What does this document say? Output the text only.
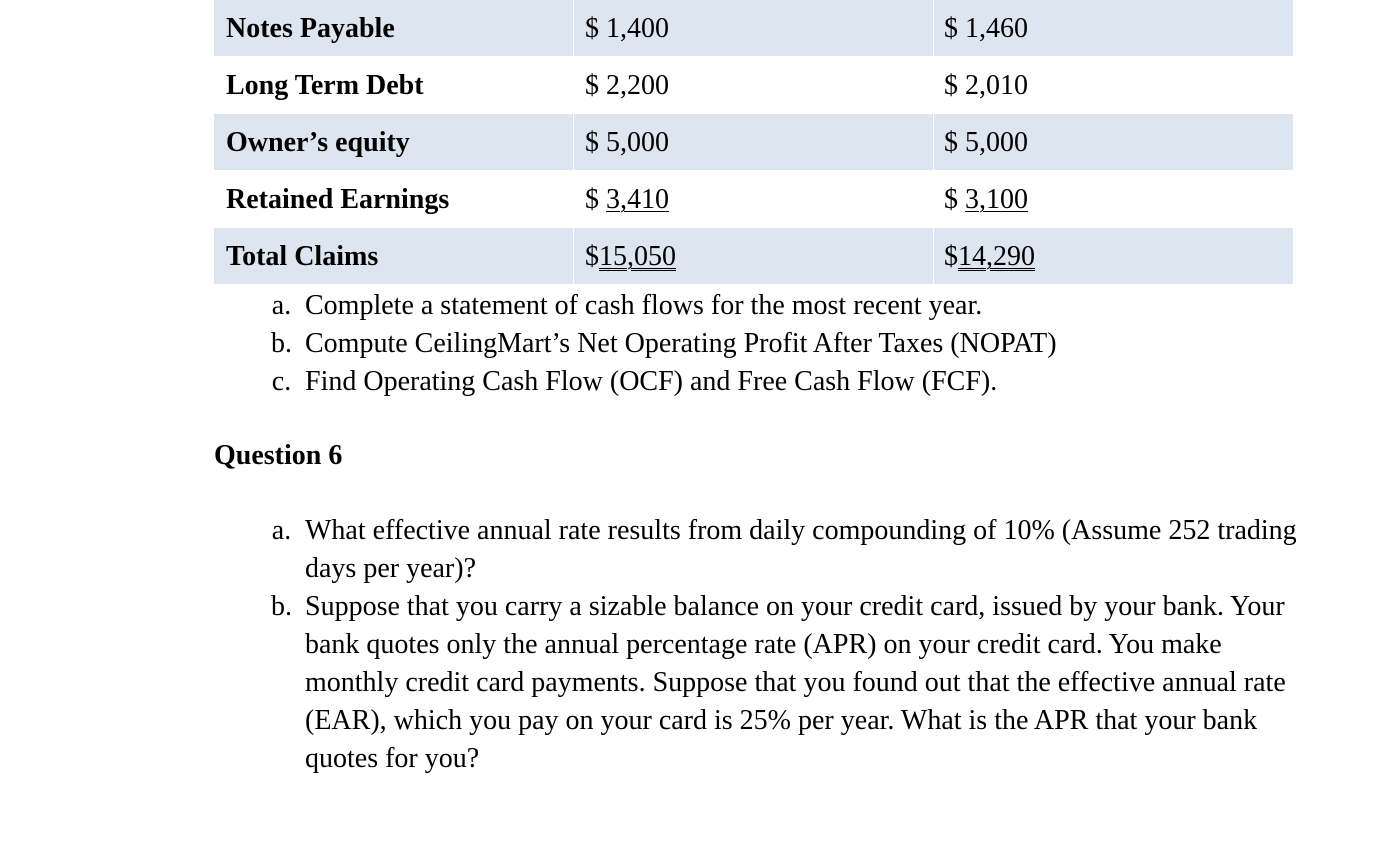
Notes Payable	$ 1,400	$ 1,460
Long Term Debt	$ 2,200	$ 2,010
Owner’s equity	$ 5,000	$ 5,000
Retained Earnings	$ 3,410	$ 3,100
Total Claims	$15,050	$14,290
a. Complete a statement of cash flows for the most recent year.
b. Compute CeilingMart’s Net Operating Profit After Taxes (NOPAT)
c. Find Operating Cash Flow (OCF) and Free Cash Flow (FCF).
Question 6
a. What effective annual rate results from daily compounding of 10% (Assume 252 trading days per year)?
b. Suppose that you carry a sizable balance on your credit card, issued by your bank. Your bank quotes only the annual percentage rate (APR) on your credit card. You make monthly credit card payments. Suppose that you found out that the effective annual rate (EAR), which you pay on your card is 25% per year. What is the APR that your bank quotes for you?
